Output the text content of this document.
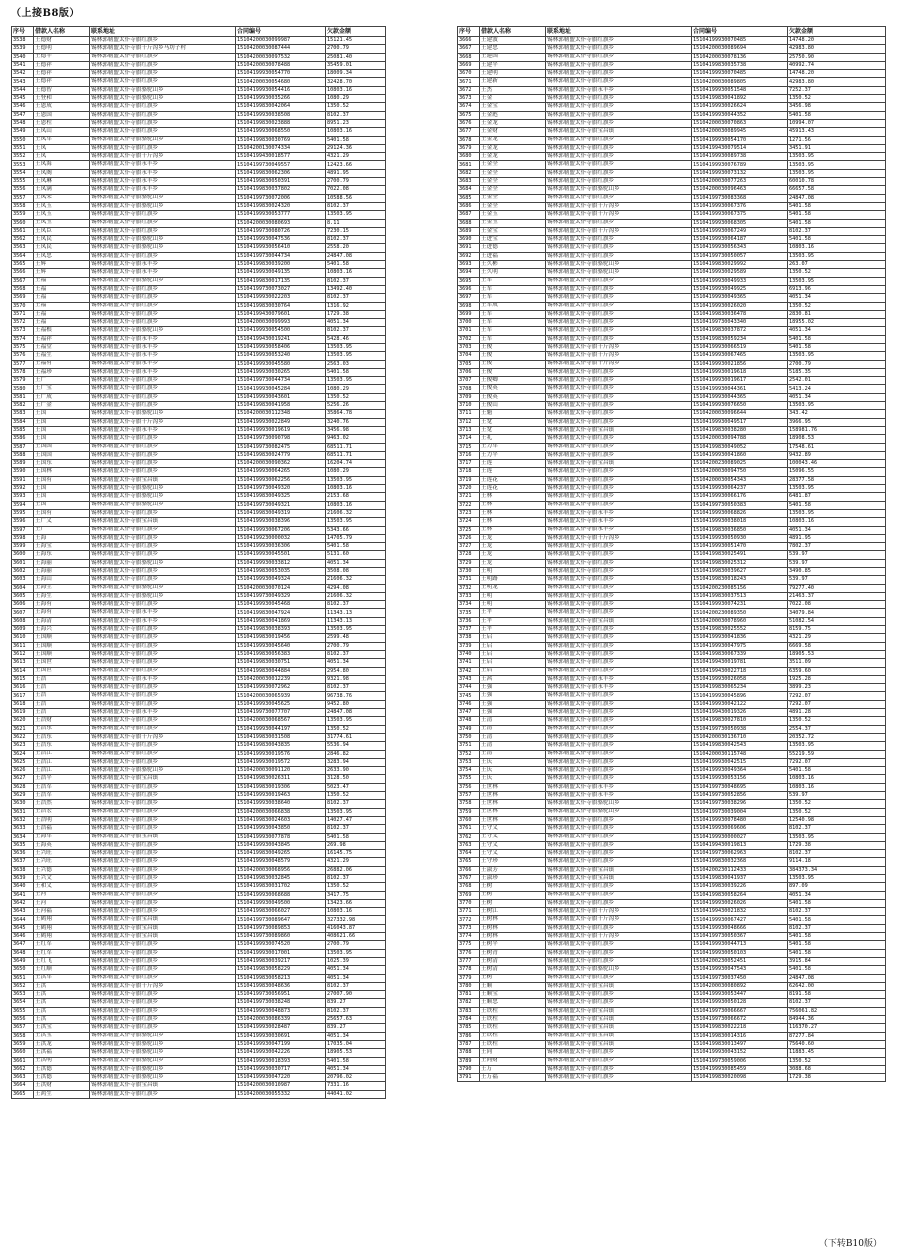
（上接B8版）
序号	借款人名称	联系地址	合同编号	欠款金额
3538	王德财	锡林郭勒盟太仆寺旗红旗乡	15104200030099987	15121.45
3539	王德明	锡林郭勒盟太仆寺旗千斤沟乡马坊子村	15104200030087444	2700.79
3540	王德平	锡林郭勒盟太仆寺旗红旗乡	15104200030097532	25081.40
3541	王德祥	锡林郭勒盟太仆寺旗红旗乡	15104200030078488	35459.01
3542	王德祥	锡林郭勒盟太仆寺旗红旗乡	15104199930054770	18009.34
3543	王德祥	锡林郭勒盟太仆寺旗红旗乡	15104200030054680	32428.70
3544	王德智	锡林郭勒盟太仆寺旗骆驼山乡	15104199930054416	10803.16
3545	王登和	锡林郭勒盟太仆寺旗骆驼山乡	15104199930035266	1080.29
3546	王恩成	锡林郭勒盟太仆寺旗红旗乡	15104199830042064	1350.52
3547	王恩国	锡林郭勒盟太仆寺旗红旗乡	15104199930038508	8102.37
3548	王恩柱	锡林郭勒盟太仆寺旗红旗乡	15104199830023888	8951.23
3549	王凤山	锡林郭勒盟太仆寺旗红旗乡	15104199930068550	10803.16
3550	王凤军	锡林郭勒盟太仆寺旗骆驼山乡	15104199830030769	5401.58
3551	王凤	锡林郭勒盟太仆寺旗红旗乡	15104200130074334	29124.36
3552	王凤	锡林郭勒盟太仆寺旗千斤沟乡	15104199430018577	4321.29
3553	王凤海	锡林郭勒盟太仆寺旗永丰乡	15104199730049557	12423.66
3554	王凤阁	锡林郭勒盟太仆寺旗永丰乡	15104199830062306	4891.95
3555	王凤琳	锡林郭勒盟太仆寺旗永丰乡	15104199830050391	2700.79
3556	王凤满	锡林郭勒盟太仆寺旗永丰乡	15104199830037802	7022.08
3557	王凤荣	锡林郭勒盟太仆寺旗骆驼山乡	15104199730072006	10588.56
3558	王凤玉	锡林郭勒盟太仆寺旗骆驼山乡	15104199830024320	8102.37
3559	王凤玉	锡林郭勒盟太仆寺旗红旗乡	15104199930053777	13503.95
3560	王凤玉	锡林郭勒盟太仆寺旗红旗乡	15104200030080693	8.11
3561	王凤臣	锡林郭勒盟太仆寺旗红旗乡	15104199730080726	7230.15
3562	王凤民	锡林郭勒盟太仆寺旗骆驼山乡	15104199930047536	8102.37
3563	王凤民	锡林郭勒盟太仆寺旗骆驼山乡	15104199930056410	2558.20
3564	王凤忠	锡林郭勒盟太仆寺旗红旗乡	15104199730044734	24847.08
3565	王辉	锡林郭勒盟太仆寺旗永丰乡	15104199830039200	5401.58
3566	王辉	锡林郭勒盟太仆寺旗永丰乡	15104199930049135	10803.16
3567	王福	锡林郭勒盟太仆寺旗骆驼山乡	15104199830017135	8102.37
3568	王福	锡林郭勒盟太仆寺旗红旗乡	15104199730073027	13492.40
3569	王福	锡林郭勒盟太仆寺旗红旗乡	15104199930022203	8102.37
3570	王福	锡林郭勒盟太仆寺旗红旗乡	15104199830030764	1316.92
3571	王福	锡林郭勒盟太仆寺旗红旗乡	15104199430079601	1729.38
3572	王福	锡林郭勒盟太仆寺旗红旗乡	15104200030099993	4051.34
3573	王福根	锡林郭勒盟太仆寺旗骆驼山乡	15104199930054500	8102.37
3574	王福祥	锡林郭勒盟太仆寺旗永丰乡	15104199430019241	5428.46
3575	王福堂	锡林郭勒盟太仆寺旗永丰乡	15104199930058406	13503.95
3576	王福生	锡林郭勒盟太仆寺旗永丰乡	15104199930053240	13503.95
3577	王福有	锡林郭勒盟太仆寺旗永丰乡	15104199930045580	2563.03
3578	王福珍	锡林郭勒盟太仆寺旗永丰乡	15104199930030265	5401.58
3579	王广	锡林郭勒盟太仆寺旗红旗乡	15104199730044734	13503.95
3580	王广宝	锡林郭勒盟太仆寺旗红旗乡	15104199930045284	1080.29
3581	王广成	锡林郭勒盟太仆寺旗红旗乡	15104199930043601	1350.52
3582	王广金	锡林郭勒盟太仆寺旗红旗乡	15104199830041958	5256.26
3583	王国	锡林郭勒盟太仆寺旗骆驼山乡	15104200030112348	35864.78
3584	王国	锡林郭勒盟太仆寺旗千斤沟乡	15104199930022849	3240.76
3585	王国	锡林郭勒盟太仆寺旗永丰乡	15104199930019619	3456.98
3586	王国	锡林郭勒盟太仆寺旗红旗乡	15104199730090798	9463.02
3587	王国国	锡林郭勒盟太仆寺旗红旗乡	15104199730082475	68511.71
3588	王国国	锡林郭勒盟太仆寺旗红旗乡	15104199830024779	68511.71
3589	王国东	锡林郭勒盟太仆寺旗红旗乡	15104200030090362	16204.74
3590	王国林	锡林郭勒盟太仆寺旗红旗乡	15104199930064265	1080.29
3591	王国有	锡林郭勒盟太仆寺旗宝昌镇	15104199930062256	13503.95
3592	王国	锡林郭勒盟太仆寺旗骆驼山乡	15104199730049320	10803.16
3593	王国	锡林郭勒盟太仆寺旗骆驼山乡	15104199830049325	2153.68
3594	王国	锡林郭勒盟太仆寺旗骆驼山乡	15104199730049321	10803.16
3595	王国有	锡林郭勒盟太仆寺旗红旗乡	15104199830049319	21606.32
3596	王广义	锡林郭勒盟太仆寺旗宝昌镇	15104199930038396	13503.95
3597	王广	锡林郭勒盟太仆寺旗红旗乡	15104199930067206	5343.66
3598	王海	锡林郭勒盟太仆寺旗红旗乡	15104199230000032	14705.79
3599	王海宝	锡林郭勒盟太仆寺旗红旗乡	15104199930036306	5401.58
3600	王海东	锡林郭勒盟太仆寺旗红旗乡	15104199930045501	5131.60
3601	王海丽	锡林郭勒盟太仆寺旗骆驼山乡	15104199930033812	4051.34
3602	王海丽	锡林郭勒盟太仆寺旗红旗乡	15104199830053035	3508.08
3603	王海山	锡林郭勒盟太仆寺旗红旗乡	15104199930049324	21606.32
3604	王海生	锡林郭勒盟太仆寺旗骆驼山乡	15104200030070124	4294.08
3605	王海生	锡林郭勒盟太仆寺旗骆驼山乡	15104199730049329	21606.32
3606	王海有	锡林郭勒盟太仆寺旗红旗乡	15104199930045468	8102.37
3607	王海有	锡林郭勒盟太仆寺旗永丰乡	15104199830047924	11343.13
3608	王海清	锡林郭勒盟太仆寺旗永丰乡	15104199830041869	11343.13
3609	王海兴	锡林郭勒盟太仆寺旗红旗乡	15104199830038393	13503.95
3610	王国顺	锡林郭勒盟太仆寺旗红旗乡	15104199830019456	2599.48
3611	王国顺	锡林郭勒盟太仆寺旗红旗乡	15104199930045640	2700.79
3612	王国顺	锡林郭勒盟太仆寺旗红旗乡	15104199830056383	8102.37
3613	王国世	锡林郭勒盟太仆寺旗红旗乡	15104199830030751	4051.34
3614	王国世	锡林郭勒盟太仆寺旗红旗乡	15104199830044884	2954.80
3615	王浩	锡林郭勒盟太仆寺旗永丰乡	15104200030012239	9321.98
3616	王浩	锡林郭勒盟太仆寺旗红旗乡	15104199930072962	8102.37
3617	王浩	锡林郭勒盟太仆寺旗红旗乡	15104200030065939	96738.76
3618	王浩	锡林郭勒盟太仆寺旗红旗乡	15104199930045625	9452.80
3619	王浩	锡林郭勒盟太仆寺旗永丰乡	15104199730077707	24847.08
3620	王浩财	锡林郭勒盟太仆寺旗红旗乡	15104200030068567	13503.95
3621	王浩东	锡林郭勒盟太仆寺旗红旗乡	15104199930044197	1350.52
3622	王浩东	锡林郭勒盟太仆寺旗千斤沟乡	15104199830031508	31774.61
3623	王浩东	锡林郭勒盟太仆寺旗红旗乡	15104199830043835	5536.94
3624	王浩江	锡林郭勒盟太仆寺旗红旗乡	15104199930019576	2846.82
3625	王浩江	锡林郭勒盟太仆寺旗红旗乡	15104199930019572	3283.94
3626	王浩江	锡林郭勒盟太仆寺旗骆驼山乡	15104200030091120	2633.90
3627	王浩平	锡林郭勒盟太仆寺旗宝昌镇	15104199830026311	3128.50
3628	王浩军	锡林郭勒盟太仆寺旗红旗乡	15104199830019306	5023.47
3629	王浩军	锡林郭勒盟太仆寺旗红旗乡	15104199930019463	1350.52
3630	王浩然	锡林郭勒盟太仆寺旗红旗乡	15104199930038640	8102.37
3631	王浩宏	锡林郭勒盟太仆寺旗红旗乡	15104200030066838	13503.95
3632	王浩明	锡林郭勒盟太仆寺旗红旗乡	15104199830024603	14027.47
3633	王浩福	锡林郭勒盟太仆寺旗红旗乡	15104199930043850	8102.37
3634	王海军	锡林郭勒盟太仆寺旗宝昌镇	15104199930077878	5401.58
3635	王海英	锡林郭勒盟太仆寺旗红旗乡	15104199930043845	269.98
3636	王兴旺	锡林郭勒盟太仆寺旗红旗乡	15104199830049265	16145.75
3637	王兴旺	锡林郭勒盟太仆寺旗红旗乡	15104199930048579	4321.29
3638	王兴德	锡林郭勒盟太仆寺旗红旗乡	15104200030068956	26882.06
3639	王兴文	锡林郭勒盟太仆寺旗红旗乡	15104199830032845	8102.37
3640	王和义	锡林郭勒盟太仆寺旗红旗乡	15104199830031702	1350.52
3641	王河	锡林郭勒盟太仆寺旗红旗乡	15104199930068688	3417.75
3642	王河	锡林郭勒盟太仆寺旗红旗乡	15104199930049500	13423.66
3643	王河福	锡林郭勒盟太仆寺旗红旗乡	15104199830066027	10803.16
3644	王鹤翔	锡林郭勒盟太仆寺旗宝昌镇	15104199730089647	327332.98
3645	王鹤翔	锡林郭勒盟太仆寺旗宝昌镇	15104199730089853	416043.87
3646	王鹤翔	锡林郭勒盟太仆寺旗宝昌镇	15104199730089860	408621.66
3647	王红军	锡林郭勒盟太仆寺旗红旗乡	15104199930074520	2700.79
3648	王红军	锡林郭勒盟太仆寺旗红旗乡	15104199930017001	13503.95
3649	王红飞	锡林郭勒盟太仆寺旗红旗乡	15104199830039217	1025.39
3650	王红顺	锡林郭勒盟太仆寺旗红旗乡	15104199830058229	4051.34
3651	王洪军	锡林郭勒盟太仆寺旗红旗乡	15104199830058213	4051.34
3652	王洪	锡林郭勒盟太仆寺旗千斤沟乡	15104199830048636	8102.37
3653	王洪	锡林郭勒盟太仆寺旗红旗乡	15104199730056951	27007.90
3654	王洪	锡林郭勒盟太仆寺旗红旗乡	15104199730038248	839.27
3655	王洪	锡林郭勒盟太仆寺旗红旗乡	15104199930048873	8102.37
3656	王洪	锡林郭勒盟太仆寺旗红旗乡	15104200030086339	25657.63
3657	王洪宝	锡林郭勒盟太仆寺旗红旗乡	15104199930028487	839.27
3658	王洪宝	锡林郭勒盟太仆寺旗骆驼山乡	15104199930030691	4051.34
3659	王洪龙	锡林郭勒盟太仆寺旗骆驼山乡	15104199930047199	17035.04
3660	王洪福	锡林郭勒盟太仆寺旗骆驼山乡	15104199930042226	18905.53
3661	王洪明	锡林郭勒盟太仆寺旗骆驼山乡	15104199930018393	5401.58
3662	王洪德	锡林郭勒盟太仆寺旗骆驼山乡	15104199930030717	4051.34
3663	王洪德	锡林郭勒盟太仆寺旗骆驼山乡	15104199930047220	20796.02
3664	王洪财	锡林郭勒盟太仆寺旗宝昌镇	15104200030010987	7331.16
3665	王鸿生	锡林郭勒盟太仆寺旗红旗乡	15104200030055332	44041.02
序号	借款人名称	联系地址	合同编号	欠款金额
3666	王建波	锡林郭勒盟太仆寺旗红旗乡	15104199930070485	14748.20
3667	王建忠	锡林郭勒盟太仆寺旗红旗乡	15104200030089694	42983.80
3668	王建国	锡林郭勒盟太仆寺旗红旗乡	15104200030078136	25750.90
3669	王建平	锡林郭勒盟太仆寺旗红旗乡	15104199830035738	40992.74
3670	王建明	锡林郭勒盟太仆寺旗红旗乡	15104199930070485	14748.20
3671	王建新	锡林郭勒盟太仆寺旗红旗乡	15104200030089805	42983.80
3672	王杰	锡林郭勒盟太仆寺旗永丰乡	15104199930051548	7252.37
3673	王金	锡林郭勒盟太仆寺旗红旗乡	15104199830041892	1350.52
3674	王金宝	锡林郭勒盟太仆寺旗红旗乡	15104199930026624	3456.98
3675	王金彪	锡林郭勒盟太仆寺旗红旗乡	15104199930044352	5401.58
3676	王金龙	锡林郭勒盟太仆寺旗红旗乡	15104200030070863	10994.07
3677	王金财	锡林郭勒盟太仆寺旗宝昌镇	15104200030089945	45913.43
3678	王金龙	锡林郭勒盟太仆寺旗红旗乡	15104199930054170	1271.56
3679	王金龙	锡林郭勒盟太仆寺旗红旗乡	15104199430079514	3451.91
3680	王金龙	锡林郭勒盟太仆寺旗红旗乡	15104199930089738	13503.95
3681	王金全	锡林郭勒盟太仆寺旗红旗乡	15104199930076789	13503.95
3682	王金全	锡林郭勒盟太仆寺旗红旗乡	15104199930073132	13503.95
3683	王金全	锡林郭勒盟太仆寺旗红旗乡	15104200030077263	60010.78
3684	王金全	锡林郭勒盟太仆寺旗骆驼山乡	15104200030096463	66657.58
3685	王金全	锡林郭勒盟太仆寺旗红旗乡	15104199730083368	24847.08
3686	王金全	锡林郭勒盟太仆寺旗千斤沟乡	15104199930067376	5401.58
3687	王金玉	锡林郭勒盟太仆寺旗千斤沟乡	15104199930067375	5401.58
3688	王金玉	锡林郭勒盟太仆寺旗红旗乡	15104199930068305	5401.58
3689	王金宝	锡林郭勒盟太仆寺旗千斤沟乡	15104199930067249	8102.37
3690	王进宝	锡林郭勒盟太仆寺旗红旗乡	15104199930064187	5401.58
3691	王进德	锡林郭勒盟太仆寺旗红旗乡	15104199930056343	10803.16
3692	王进福	锡林郭勒盟太仆寺旗红旗乡	15104199730050057	13503.95
3693	王久彬	锡林郭勒盟太仆寺旗骆驼山乡	15104199830029992	263.07
3694	王久明	锡林郭勒盟太仆寺旗骆驼山乡	15104199930029589	1350.52
3695	王军	锡林郭勒盟太仆寺旗红旗乡	15104199930049933	13503.95
3696	王军	锡林郭勒盟太仆寺旗红旗乡	15104199930049925	6913.96
3697	王军	锡林郭勒盟太仆寺旗红旗乡	15104199930049365	4051.34
3698	王军成	锡林郭勒盟太仆寺旗红旗乡	15104199930026020	1350.52
3699	王军	锡林郭勒盟太仆寺旗红旗乡	15104199830036478	2830.81
3700	王军	锡林郭勒盟太仆寺旗红旗乡	15104199730043340	18955.02
3701	王军	锡林郭勒盟太仆寺旗红旗乡	15104199830037872	4051.34
3702	王军	锡林郭勒盟太仆寺旗红旗乡	15104199830059234	5401.58
3703	王俊	锡林郭勒盟太仆寺旗千斤沟乡	15104199930066519	5401.58
3704	王俊	锡林郭勒盟太仆寺旗千斤沟乡	15104199930067465	13503.95
3705	王俊	锡林郭勒盟太仆寺旗千斤沟乡	15104199930021856	2700.79
3706	王俊	锡林郭勒盟太仆寺旗红旗乡	15104199930019618	5185.35
3707	王俊卿	锡林郭勒盟太仆寺旗红旗乡	15104199930019617	2542.01
3708	王俊英	锡林郭勒盟太仆寺旗红旗乡	15104199930044361	5413.24
3709	王俊英	锡林郭勒盟太仆寺旗红旗乡	15104199930044365	4051.34
3710	王俊山	锡林郭勒盟太仆寺旗红旗乡	15104199930076650	13503.95
3711	王魁	锡林郭勒盟太仆寺旗红旗乡	15104200030096644	343.42
3712	王宽	锡林郭勒盟太仆寺旗红旗乡	15104199930049517	3966.95
3713	王宽	锡林郭勒盟太仆寺旗宝昌镇	15104199830038280	158981.76
3714	王礼	锡林郭勒盟太仆寺旗红旗乡	15104200030094788	18908.53
3715	王力军	锡林郭勒盟太仆寺旗红旗乡	15104199830049052	17548.61
3716	王力平	锡林郭勒盟太仆寺旗红旗乡	15104199930041860	9432.89
3717	王莲	锡林郭勒盟太仆寺旗宝昌镇	15104200230089025	100043.46
3718	王莲	锡林郭勒盟太仆寺旗红旗乡	15104200030094750	15096.55
3719	王莲花	锡林郭勒盟太仆寺旗红旗乡	15104200030054343	28377.58
3720	王莲花	锡林郭勒盟太仆寺旗红旗乡	15104199930064237	13503.95
3721	王林	锡林郭勒盟太仆寺旗红旗乡	15104199930066176	6481.87
3722	王林	锡林郭勒盟太仆寺旗红旗乡	15104199730050383	5401.58
3723	王林	锡林郭勒盟太仆寺旗永丰乡	15104199930068826	13503.95
3724	王林	锡林郭勒盟太仆寺旗永丰乡	15104199930038018	10803.16
3725	王林	锡林郭勒盟太仆寺旗永丰乡	15104199830036850	4051.34
3726	王龙	锡林郭勒盟太仆寺旗千斤沟乡	15104199930050930	4891.95
3727	王龙	锡林郭勒盟太仆寺旗红旗乡	15104199930051470	7802.37
3728	王龙	锡林郭勒盟太仆寺旗红旗乡	15104199830025491	539.97
3729	王龙	锡林郭勒盟太仆寺旗红旗乡	15104199830025312	539.97
3730	王明	锡林郭勒盟太仆寺旗红旗乡	15104199830039627	3490.85
3731	王明路	锡林郭勒盟太仆寺旗红旗乡	15104199830018243	539.97
3732	王明龙	锡林郭勒盟太仆寺旗红旗乡	15104200230085156	79277.40
3733	王明	锡林郭勒盟太仆寺旗红旗乡	15104199830037513	21463.37
3734	王明	锡林郭勒盟太仆寺旗红旗乡	15104199930074231	7022.08
3735	王平	锡林郭勒盟太仆寺旗红旗乡	15104200230089350	34079.84
3736	王平	锡林郭勒盟太仆寺旗宝昌镇	15104200030078960	51082.54
3737	王平	锡林郭勒盟太仆寺旗红旗乡	15104199830025552	8159.75
3738	王启	锡林郭勒盟太仆寺旗红旗乡	15104199930041836	4321.29
3739	王启	锡林郭勒盟太仆寺旗红旗乡	15104199930047975	6669.58
3740	王启	锡林郭勒盟太仆寺旗红旗乡	15104199830067339	18905.53
3741	王启	锡林郭勒盟太仆寺旗红旗乡	15104199430019781	3511.09
3742	王启	锡林郭勒盟太仆寺旗红旗乡	15104199430022718	6359.60
3743	王茜	锡林郭勒盟太仆寺旗永丰乡	15104199930026058	1925.28
3744	王强	锡林郭勒盟太仆寺旗永丰乡	15104199830065234	3899.23
3745	王强	锡林郭勒盟太仆寺旗红旗乡	15104199930045896	7292.07
3746	王强	锡林郭勒盟太仆寺旗红旗乡	15104199930042122	7292.07
3747	王强	锡林郭勒盟太仆寺旗红旗乡	15104199430019326	4891.28
3748	王清	锡林郭勒盟太仆寺旗红旗乡	15104199830027810	1350.52
3749	王清	锡林郭勒盟太仆寺旗红旗乡	15104199730050938	2554.37
3750	王清	锡林郭勒盟太仆寺旗红旗乡	15104200030136710	20352.72
3751	王清	锡林郭勒盟太仆寺旗红旗乡	15104199830042543	13503.95
3752	王清	锡林郭勒盟太仆寺旗红旗乡	15104200030115748	55219.59
3753	王庆	锡林郭勒盟太仆寺旗红旗乡	15104199930042515	7292.07
3754	王庆	锡林郭勒盟太仆寺旗红旗乡	15104199930049364	5401.58
3755	王庆	锡林郭勒盟太仆寺旗红旗乡	15104199930053156	10803.16
3756	王世林	锡林郭勒盟太仆寺旗永丰乡	15104199730048695	10803.16
3757	王世林	锡林郭勒盟太仆寺旗永丰乡	15104199730052856	539.97
3758	王世林	锡林郭勒盟太仆寺旗骆驼山乡	15104199730038296	1350.52
3759	王世林	锡林郭勒盟太仆寺旗骆驼山乡	15104199730039004	1350.52
3760	王世林	锡林郭勒盟太仆寺旗红旗乡	15104199930078480	12540.98
3761	王守义	锡林郭勒盟太仆寺旗红旗乡	15104199930069606	8102.37
3762	王守义	锡林郭勒盟太仆寺旗红旗乡	15104199930000027	13503.95
3763	王守义	锡林郭勒盟太仆寺旗红旗乡	15104199430019813	1729.38
3764	王守义	锡林郭勒盟太仆寺旗红旗乡	15104199730062963	8102.37
3765	王守珍	锡林郭勒盟太仆寺旗红旗乡	15104199830032368	9114.18
3766	王淑芳	锡林郭勒盟太仆寺旗宝昌镇	15104200230112433	384373.34
3767	王淑珍	锡林郭勒盟太仆寺旗宝昌镇	15104199830041937	13503.95
3768	王树	锡林郭勒盟太仆寺旗红旗乡	15104199830039226	897.09
3769	王树	锡林郭勒盟太仆寺旗红旗乡	15104199830058264	4051.34
3770	王树	锡林郭勒盟太仆寺旗红旗乡	15104199930026026	5401.58
3771	王树江	锡林郭勒盟太仆寺旗千斤沟乡	15104199430021832	8102.37
3772	王树林	锡林郭勒盟太仆寺旗千斤沟乡	15104199930067427	5401.58
3773	王树林	锡林郭勒盟太仆寺旗红旗乡	15104199930048666	8102.37
3774	王树林	锡林郭勒盟太仆寺旗千斤沟乡	15104199730050367	5401.58
3775	王树平	锡林郭勒盟太仆寺旗红旗乡	15104199930044713	5401.58
3776	王树青	锡林郭勒盟太仆寺旗红旗乡	15104199930050103	5401.58
3777	王树清	锡林郭勒盟太仆寺旗红旗乡	15104200230052451	3915.84
3778	王树清	锡林郭勒盟太仆寺旗骆驼山乡	15104199930047543	5401.58
3779	王树	锡林郭勒盟太仆寺旗红旗乡	15104199730037450	24847.08
3780	王顺	锡林郭勒盟太仆寺旗宝昌镇	15104200030080892	62642.00
3781	王顺宝	锡林郭勒盟太仆寺旗红旗乡	15104199930053447	8191.58
3782	王顺忠	锡林郭勒盟太仆寺旗红旗乡	15104199930050128	8102.37
3783	王铁柱	锡林郭勒盟太仆寺旗宝昌镇	15104199730066667	756061.82
3784	王铁柱	锡林郭勒盟太仆寺旗宝昌镇	15104199730066672	84944.36
3785	王铁柱	锡林郭勒盟太仆寺旗宝昌镇	15104199830022218	116370.27
3786	王铁柱	锡林郭勒盟太仆寺旗宝昌镇	15104199830014316	87277.84
3787	王铁柱	锡林郭勒盟太仆寺旗宝昌镇	15104199830013497	75640.60
3788	王同	锡林郭勒盟太仆寺旗红旗乡	15104199930043152	11883.45
3789	王同财	锡林郭勒盟太仆寺旗红旗乡	15104199730059006	1350.52
3790	王万	锡林郭勒盟太仆寺旗红旗乡	15104199930085459	3088.68
3791	王万福	锡林郭勒盟太仆寺旗红旗乡	15104199830020098	1729.38
（下转B10版）
